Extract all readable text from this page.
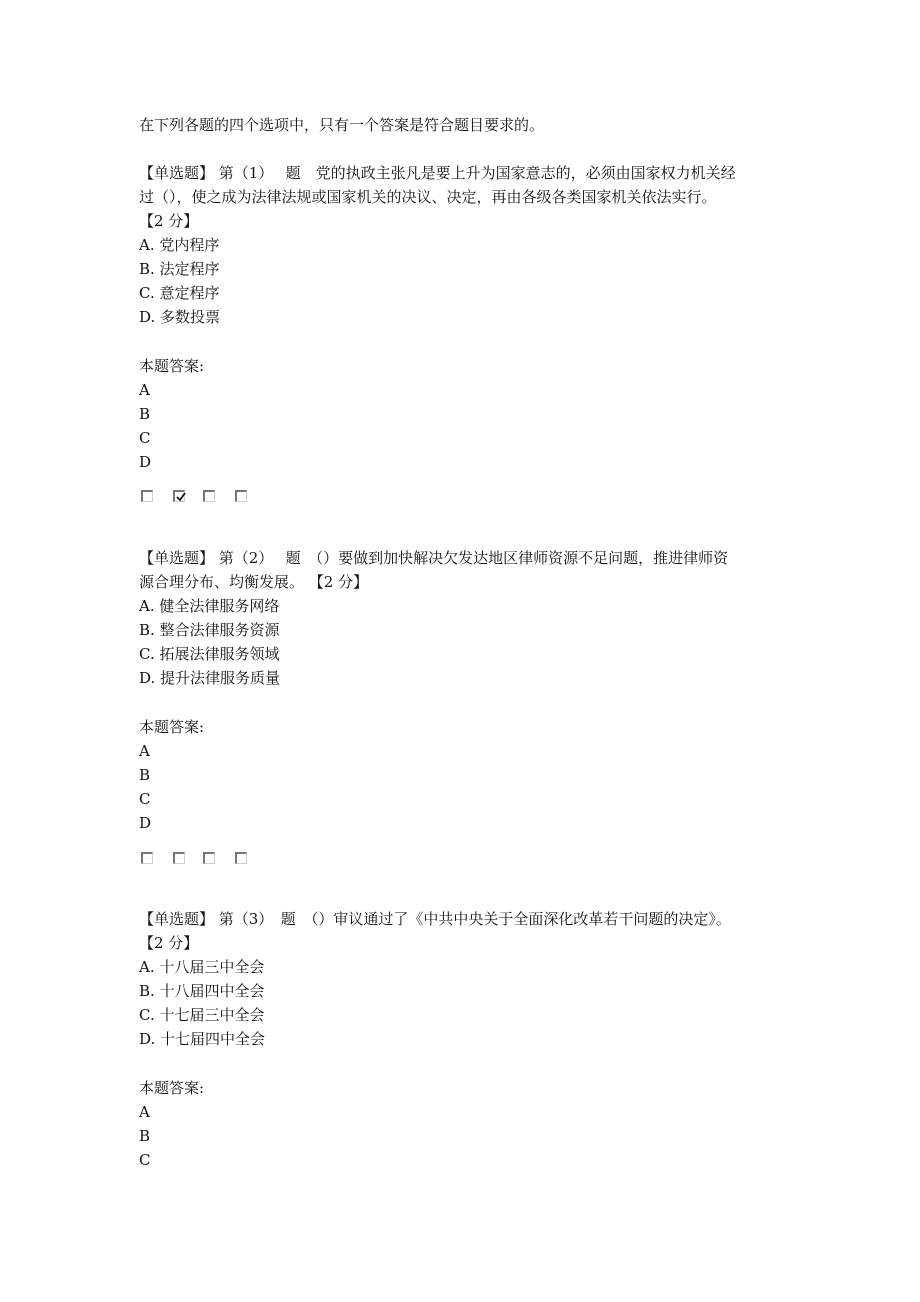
在下列各题的四个选项中，只有一个答案是符合题目要求的。
【单选题】 第（1）　 题　党的执政主张凡是要上升为国家意志的，必须由国家权力机关经
过（），使之成为法律法规或国家机关的决议、决定，再由各级各类国家机关依法实行。
【2 分】
A. 党内程序
B. 法定程序
C. 意定程序
D. 多数投票
本题答案:
A
B
C
D
【单选题】 第（2）　 题　（）要做到加快解决欠发达地区律师资源不足问题，推进律师资
源合理分布、均衡发展。 【2 分】
A. 健全法律服务网络
B. 整合法律服务资源
C. 拓展法律服务领域
D. 提升法律服务质量
本题答案:
A
B
C
D
【单选题】 第（3）　题　（）审议通过了《中共中央关于全面深化改革若干问题的决定》。
【2 分】
A. 十八届三中全会
B. 十八届四中全会
C. 十七届三中全会
D. 十七届四中全会
本题答案:
A
B
C
